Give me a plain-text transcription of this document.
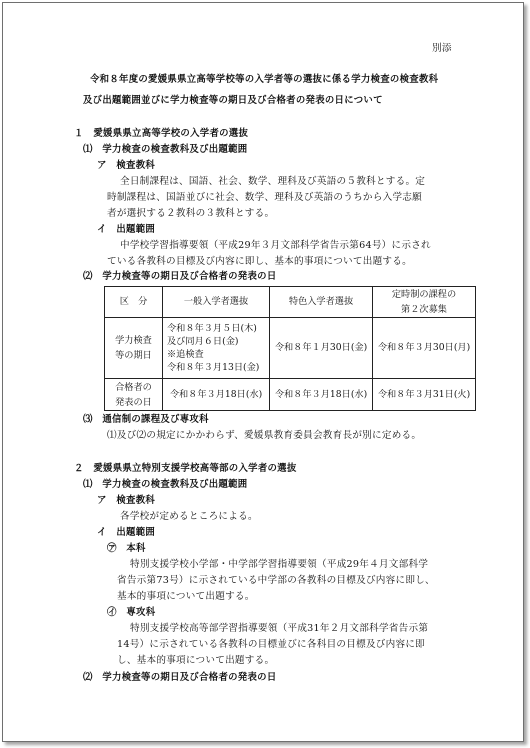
別添
令和８年度の愛媛県県立高等学校等の入学者等の選抜に係る学力検査の検査教科
及び出題範囲並びに学力検査等の期日及び合格者の発表の日について
１　愛媛県県立高等学校の入学者の選抜
⑴　学力検査の検査教科及び出題範囲
ア　検査教科
全日制課程は、国語、社会、数学、理科及び英語の５教科とする。定
時制課程は、国語並びに社会、数学、理科及び英語のうちから入学志願
者が選択する２教科の３教科とする。
イ　出題範囲
中学校学習指導要領（平成29年３月文部科学省告示第64号）に示され
ている各教科の目標及び内容に即し、基本的事項について出題する。
⑵　学力検査等の期日及び合格者の発表の日
区　分	一般入学者選抜	特色入学者選抜	定時制の課程の
第２次募集

学力検査
等の期日	令和８年３月５日(木)
及び同月６日(金)
※追検査
令和８年３月13日(金)	令和８年１月30日(金)	令和８年３月30日(月)

合格者の
発表の日	令和８年３月18日(水)	令和８年３月18日(水)	令和８年３月31日(火)
⑶　通信制の課程及び専攻科
⑴及び⑵の規定にかかわらず、愛媛県教育委員会教育長が別に定める。
２　愛媛県県立特別支援学校高等部の入学者の選抜
⑴　学力検査の検査教科及び出題範囲
ア　検査教科
各学校が定めるところによる。
イ　出題範囲
㋐　本科
特別支援学校小学部・中学部学習指導要領（平成29年４月文部科学
省告示第73号）に示されている中学部の各教科の目標及び内容に即し、
基本的事項について出題する。
㋑　専攻科
特別支援学校高等部学習指導要領（平成31年２月文部科学省告示第
14号）に示されている各教科の目標並びに各科目の目標及び内容に即
し、基本的事項について出題する。
⑵　学力検査等の期日及び合格者の発表の日
